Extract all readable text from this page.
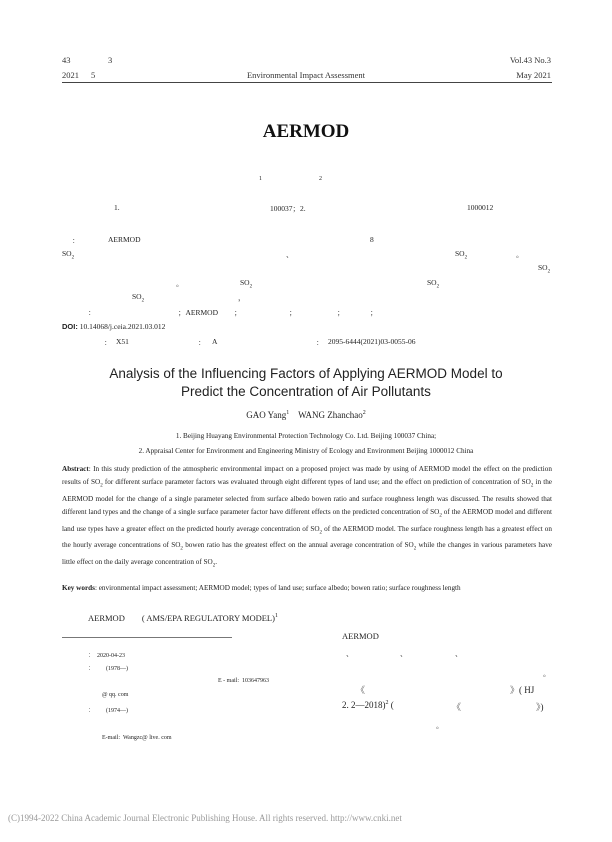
43	3
2021 5	Environmental Impact Assessment
Vol.43 No.3
May 2021
AERMOD
1	2
1.	100037；2.	1000012
：	AERMOD	8
$SO_2$	、	$SO_2$	。
$SO_2$
。	$SO_2$	$SO_2$
$SO_2$	，
：	；AERMOD ；	；	；	；
DOI: 10.14068/j.ceia.2021.03.012
： X51	： A	： 2095-6444(2021)03-0055-06
Analysis of the Influencing Factors of Applying AERMOD Model to
Predict the Concentration of Air Pollutants
GAO Yang$^1$ WANG Zhanchao$^2$
1. Beijing Huayang Environmental Protection Technology Co. Ltd. Beijing 100037 China;
2. Appraisal Center for Environment and Engineering Ministry of Ecology and Environment Beijing 1000012 China
Abstract: In this study prediction of the atmospheric environmental impact on a proposed project was made by using of AERMOD model the effect on the prediction results of $SO_2$ for different surface parameter factors was evaluated through eight different types of land use; and the effect on prediction of concentration of $SO_2$ in the AERMOD model for the change of a single parameter selected from surface albedo bowen ratio and surface roughness length was discussed. The results showed that different land types and the change of a single surface parameter factor have different effects on the predicted concentration of $SO_2$ of the AERMOD model and different land use types have a greater effect on the predicted hourly average concentration of $SO_2$ of the AERMOD model. The surface roughness length has a greatest effect on the hourly average concentrations of $SO_2$ bowen ratio has the greatest effect on the annual average concentration of $SO_2$ while the changes in various parameters have little effect on the daily average concentration of $SO_2$.
Key words: environmental impact assessment; AERMOD model; types of land use; surface albedo; bowen ratio; surface roughness length
AERMOD ( AMS/EPA REGULATORY MODEL)$^1$
AERMOD
、	、	、
。
《	》( HJ
2. 2—2018)$^2$ (	《	》)
。
： 2020-04-23
： (1978—)
E - mail: 103647963
@ qq. com
： (1974—)
E-mail: Wangzc@ live. com
(C)1994-2022 China Academic Journal Electronic Publishing House. All rights reserved. http://www.cnki.net
